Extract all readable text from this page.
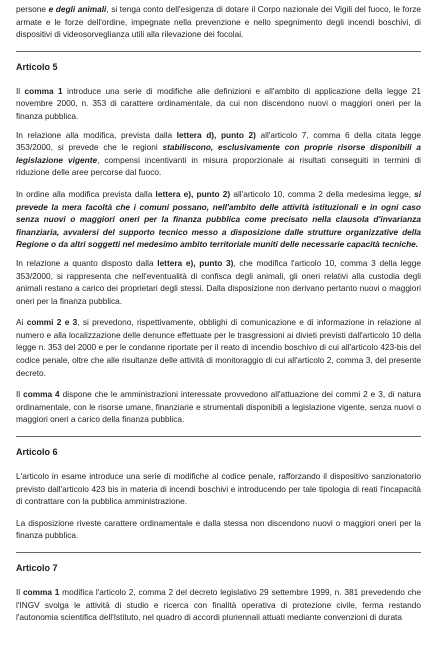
persone e degli animali, si tenga conto dell'esigenza di dotare il Corpo nazionale dei Vigili del fuoco, le forze armate e le forze dell'ordine, impegnate nella prevenzione e nello spegnimento degli incendi boschivi, di dispositivi di videosorveglianza utili alla rilevazione dei focolai.

Articolo 5

Il comma 1 introduce una serie di modifiche alle definizioni e all'ambito di applicazione della legge 21 novembre 2000, n. 353 di carattere ordinamentale, da cui non discendono nuovi o maggiori oneri per la finanza pubblica.

In relazione alla modifica, prevista dalla lettera d), punto 2) all'articolo 7, comma 6 della citata legge 353/2000, si prevede che le regioni stabiliscono, esclusivamente con proprie risorse disponibili a legislazione vigente, compensi incentivanti in misura proporzionale ai risultati conseguiti in termini di riduzione delle aree percorse dal fuoco.

In ordine alla modifica prevista dalla lettera e), punto 2) all'articolo 10, comma 2 della medesima legge, si prevede la mera facoltà che i comuni possano, nell'ambito delle attività istituzionali e in ogni caso senza nuovi o maggiori oneri per la finanza pubblica come precisato nella clausola d'invarianza finanziaria, avvalersi del supporto tecnico messo a disposizione dalle strutture organizzative della Regione o da altri soggetti nel medesimo ambito territoriale muniti delle necessarie capacità tecniche.

In relazione a quanto disposto dalla lettera e), punto 3), che modifica l'articolo 10, comma 3 della legge 353/2000, si rappresenta che nell'eventualità di confisca degli animali, gli oneri relativi alla custodia degli animali restano a carico dei proprietari degli stessi. Dalla disposizione non derivano pertanto nuovi o maggiori oneri per la finanza pubblica.

Ai commi 2 e 3, si prevedono, rispettivamente, obblighi di comunicazione e di informazione in relazione al numero e alla localizzazione delle denunce effettuate per le trasgressioni ai divieti previsti dall'articolo 10 della legge n. 353 del 2000 e per le condanne riportate per il reato di incendio boschivo di cui all'articolo 423-bis del codice penale, oltre che alle risultanze delle attività di monitoraggio di cui all'articolo 2, comma 3, del presente decreto.

Il comma 4 dispone che le amministrazioni interessate provvedono all'attuazione dei commi 2 e 3, di natura ordinamentale, con le risorse umane, finanziarie e strumentali disponibili a legislazione vigente, senza nuovi o maggiori oneri a carico della finanza pubblica.

Articolo 6

L'articolo in esame introduce una serie di modifiche al codice penale, rafforzando il dispositivo sanzionatorio previsto dall'articolo 423 bis in materia di incendi boschivi e introducendo per tale tipologia di reati l'incapacità di contrattare con la pubblica amministrazione.

La disposizione riveste carattere ordinamentale e dalla stessa non discendono nuovi o maggiori oneri per la finanza pubblica.

Articolo 7

Il comma 1 modifica l'articolo 2, comma 2 del decreto legislativo 29 settembre 1999, n. 381 prevedendo che l'INGV svolga le attività di studio e ricerca con finalità operativa di protezione civile, ferma restando l'autonomia scientifica dell'Istituto, nel quadro di accordi pluriennali attuati mediante convenzioni di durata
